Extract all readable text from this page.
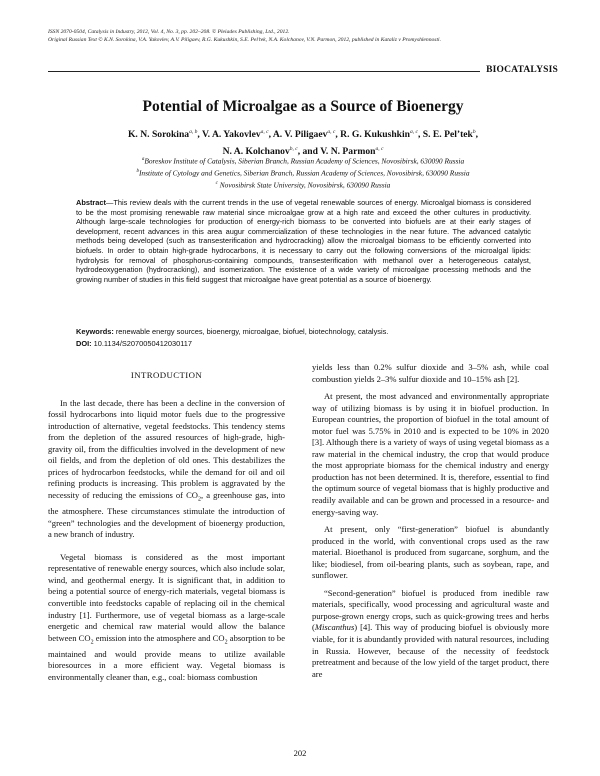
ISSN 2070-0504, Catalysis in Industry, 2012, Vol. 4, No. 3, pp. 202–208. © Pleiades Publishing, Ltd., 2012.
Original Russian Text © K.N. Sorokina, V.A. Yakovlev, A.V. Piligaev, R.G. Kukushkin, S.E. Pel’tek, N.A. Kolchanov, V.N. Parmon, 2012, published in Kataliz v Promyshlennosti.
BIOCATALYSIS
Potential of Microalgae as a Source of Bioenergy
K. N. Sorokina$^{a, b}$, V. A. Yakovlev$^{a, c}$, A. V. Piligaev$^{a, c}$, R. G. Kukushkin$^{a, c}$, S. E. Pel’tek$^b$,
N. A. Kolchanov$^{b, c}$, and V. N. Parmon$^{a, c}$
$^a$Boreskov Institute of Catalysis, Siberian Branch, Russian Academy of Sciences, Novosibirsk, 630090 Russia
$^b$Institute of Cytology and Genetics, Siberian Branch, Russian Academy of Sciences, Novosibirsk, 630090 Russia
$^c$ Novosibirsk State University, Novosibirsk, 630090 Russia
Abstract—This review deals with the current trends in the use of vegetal renewable sources of energy. Microalgal biomass is considered to be the most promising renewable raw material since microalgae grow at a high rate and exceed the other cultures in productivity. Although large-scale technologies for production of energy-rich biomass to be converted into biofuels are at their early stages of development, recent advances in this area augur commercialization of these technologies in the near future. The advanced catalytic methods being developed (such as transesterification and hydrocracking) allow the microalgal biomass to be efficiently converted into biofuels. In order to obtain high-grade hydrocarbons, it is necessary to carry out the following conversions of the microalgal lipids: hydrolysis for removal of phosphorus-containing compounds, transesterification with methanol over a heterogeneous catalyst, hydrodeoxygenation (hydrocracking), and isomerization. The existence of a wide variety of microalgae processing methods and the growing number of studies in this field suggest that microalgae have great potential as a source of bioenergy.
Keywords: renewable energy sources, bioenergy, microalgae, biofuel, biotechnology, catalysis.
DOI: 10.1134/S2070050412030117
INTRODUCTION

In the last decade, there has been a decline in the conversion of fossil hydrocarbons into liquid motor fuels due to the progressive introduction of alternative, vegetal feedstocks. This tendency stems from the depletion of the assured resources of high-grade, high-gravity oil, from the difficulties involved in the development of new oil fields, and from the depletion of old ones. This destabilizes the prices of hydrocarbon feedstocks, while the demand for oil and oil refining products is increasing. This problem is aggravated by the necessity of reducing the emissions of $CO_2$, a greenhouse gas, into the atmosphere. These circumstances stimulate the introduction of “green” technologies and the development of bioenergy production, a new branch of industry.

Vegetal biomass is considered as the most important representative of renewable energy sources, which also include solar, wind, and geothermal energy. It is significant that, in addition to being a potential source of energy-rich materials, vegetal biomass is convertible into feedstocks capable of replacing oil in the chemical industry [1]. Furthermore, use of vegetal biomass as a large-scale energetic and chemical raw material would allow the balance between $CO_2$ emission into the atmosphere and $CO_2$ absorption to be maintained and would provide means to utilize available bioresources in a more efficient way. Vegetal biomass is environmentally cleaner than, e.g., coal: biomass combustion

yields less than 0.2% sulfur dioxide and 3–5% ash, while coal combustion yields 2–3% sulfur dioxide and 10–15% ash [2].

At present, the most advanced and environmentally appropriate way of utilizing biomass is by using it in biofuel production. In European countries, the proportion of biofuel in the total amount of motor fuel was 5.75% in 2010 and is expected to be 10% in 2020 [3]. Although there is a variety of ways of using vegetal biomass as a raw material in the chemical industry, the crop that would produce the most appropriate biomass for the chemical industry and energy production has not been determined. It is, therefore, essential to find the optimum source of vegetal biomass that is highly productive and readily available and can be grown and processed in a resource- and energy-saving way.

At present, only “first-generation” biofuel is abundantly produced in the world, with conventional crops used as the raw material. Bioethanol is produced from sugarcane, sorghum, and the like; biodiesel, from oil-bearing plants, such as soybean, rape, and sunflower.

“Second-generation” biofuel is produced from inedible raw materials, specifically, wood processing and agricultural waste and purpose-grown energy crops, such as quick-growing trees and herbs (Miscanthus) [4]. This way of producing biofuel is obviously more viable, for it is abundantly provided with natural resources, including in Russia. However, because of the necessity of feedstock pretreatment and because of the low yield of the target product, there are

202
